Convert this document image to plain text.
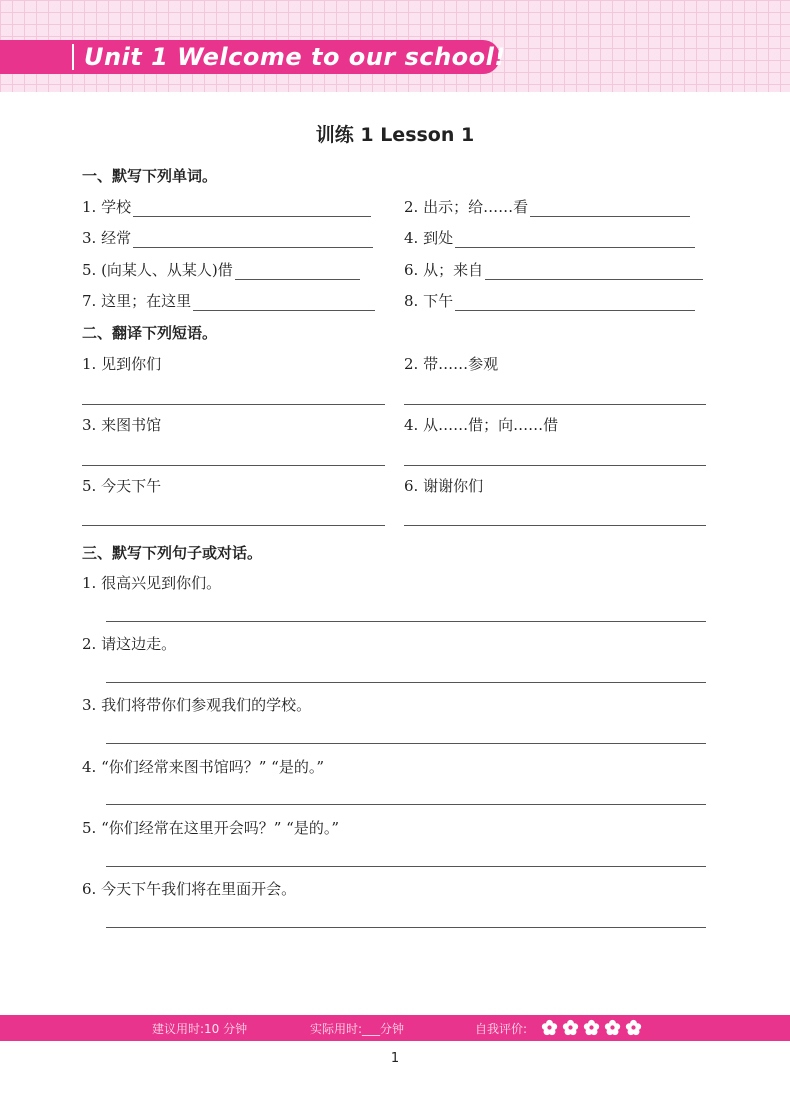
Unit 1 Welcome to our school!
训练 1 Lesson 1
一、默写下列单词。
1. 学校	2. 出示；给……看
3. 经常	4. 到处
5. (向某人、从某人)借	6. 从；来自
7. 这里；在这里	8. 下午
二、翻译下列短语。
1. 见到你们	2. 带……参观
3. 来图书馆	4. 从……借；向……借
5. 今天下午	6. 谢谢你们
三、默写下列句子或对话。
1. 很高兴见到你们。
2. 请这边走。
3. 我们将带你们参观我们的学校。
4. “你们经常来图书馆吗？” “是的。”
5. “你们经常在这里开会吗？” “是的。”
6. 今天下午我们将在里面开会。
建议用时:10 分钟	实际用时:___分钟	自我评价:
1
